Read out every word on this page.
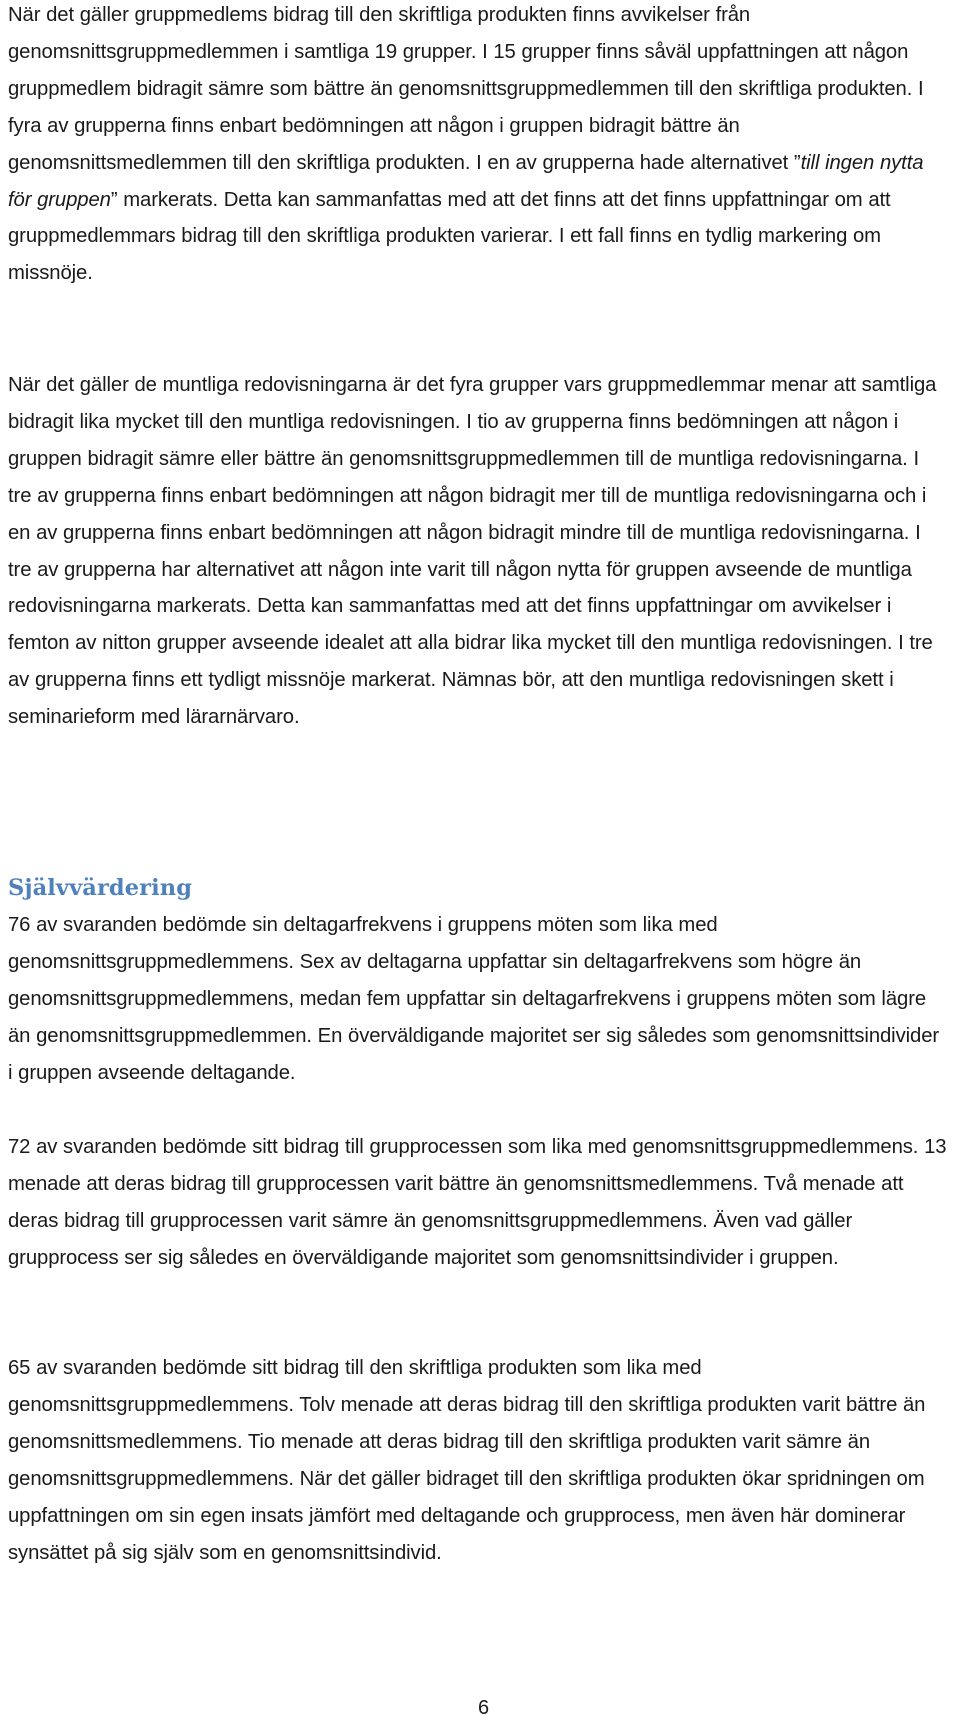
När det gäller gruppmedlems bidrag till den skriftliga produkten finns avvikelser från genomsnittsgruppmedlemmen i samtliga 19 grupper. I 15 grupper finns såväl uppfattningen att någon gruppmedlem bidragit sämre som bättre än genomsnittsgruppmedlemmen till den skriftliga produkten. I fyra av grupperna finns enbart bedömningen att någon i gruppen bidragit bättre än genomsnittsmedlemmen till den skriftliga produkten. I en av grupperna hade alternativet ”till ingen nytta för gruppen” markerats. Detta kan sammanfattas med att det finns att det finns uppfattningar om att gruppmedlemmars bidrag till den skriftliga produkten varierar. I ett fall finns en tydlig markering om missnöje.

När det gäller de muntliga redovisningarna är det fyra grupper vars gruppmedlemmar menar att samtliga bidragit lika mycket till den muntliga redovisningen. I tio av grupperna finns bedömningen att någon i gruppen bidragit sämre eller bättre än genomsnittsgruppmedlemmen till de muntliga redovisningarna. I tre av grupperna finns enbart bedömningen att någon bidragit mer till de muntliga redovisningarna och i en av grupperna finns enbart bedömningen att någon bidragit mindre till de muntliga redovisningarna. I tre av grupperna har alternativet att någon inte varit till någon nytta för gruppen avseende de muntliga redovisningarna markerats. Detta kan sammanfattas med att det finns uppfattningar om avvikelser i femton av nitton grupper avseende idealet att alla bidrar lika mycket till den muntliga redovisningen. I tre av grupperna finns ett tydligt missnöje markerat. Nämnas bör, att den muntliga redovisningen skett i seminarieform med lärarnärvaro.

Självvärdering

76 av svaranden bedömde sin deltagarfrekvens i gruppens möten som lika med genomsnittsgruppmedlemmens. Sex av deltagarna uppfattar sin deltagarfrekvens som högre än genomsnittsgruppmedlemmens, medan fem uppfattar sin deltagarfrekvens i gruppens möten som lägre än genomsnittsgruppmedlemmen. En överväldigande majoritet ser sig således som genomsnittsindivider i gruppen avseende deltagande.

72 av svaranden bedömde sitt bidrag till grupprocessen som lika med genomsnittsgruppmedlemmens. 13 menade att deras bidrag till grupprocessen varit bättre än genomsnittsmedlemmens. Två menade att deras bidrag till grupprocessen varit sämre än genomsnittsgruppmedlemmens. Även vad gäller grupprocess ser sig således en överväldigande majoritet som genomsnittsindivider i gruppen.

65 av svaranden bedömde sitt bidrag till den skriftliga produkten som lika med genomsnittsgruppmedlemmens. Tolv menade att deras bidrag till den skriftliga produkten varit bättre än genomsnittsmedlemmens. Tio menade att deras bidrag till den skriftliga produkten varit sämre än genomsnittsgruppmedlemmens. När det gäller bidraget till den skriftliga produkten ökar spridningen om uppfattningen om sin egen insats jämfört med deltagande och grupprocess, men även här dominerar synsättet på sig själv som en genomsnittsindivid.

6
